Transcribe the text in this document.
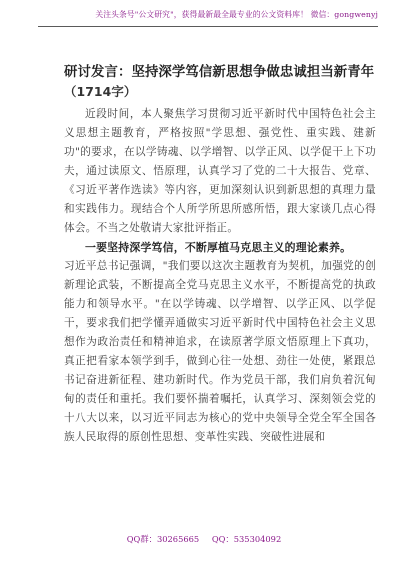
关注头条号"公文研究"，获得最新最全最专业的公文资料库！ 微信：gongwenyj
研讨发言：坚持深学笃信新思想争做忠诚担当新青年
（1714字）

近段时间，本人聚焦学习贯彻习近平新时代中国特色社会主义思想主题教育，严格按照"学思想、强党性、重实践、建新功"的要求，在以学铸魂、以学增智、以学正风、以学促干上下功夫，通过读原文、悟原理，认真学习了党的二十大报告、党章、《习近平著作选读》等内容，更加深刻认识到新思想的真理力量和实践伟力。现结合个人所学所思所感所悟，跟大家谈几点心得体会。不当之处敬请大家批评指正。

一要坚持深学笃信，不断厚植马克思主义的理论素养。

习近平总书记强调，"我们要以这次主题教育为契机，加强党的创新理论武装，不断提高全党马克思主义水平，不断提高党的执政能力和领导水平。"在以学铸魂、以学增智、以学正风、以学促干，要求我们把学懂弄通做实习近平新时代中国特色社会主义思想作为政治责任和精神追求，在读原著学原文悟原理上下真功，真正把看家本领学到手，做到心往一处想、劲往一处使，紧跟总书记奋进新征程、建功新时代。作为党员干部，我们肩负着沉甸甸的责任和重托。我们要怀揣着嘱托，认真学习、深刻领会党的十八大以来，以习近平同志为核心的党中央领导全党全军全国各族人民取得的原创性思想、变革性实践、突破性进展和

QQ群：30265665 QQ：535304092
